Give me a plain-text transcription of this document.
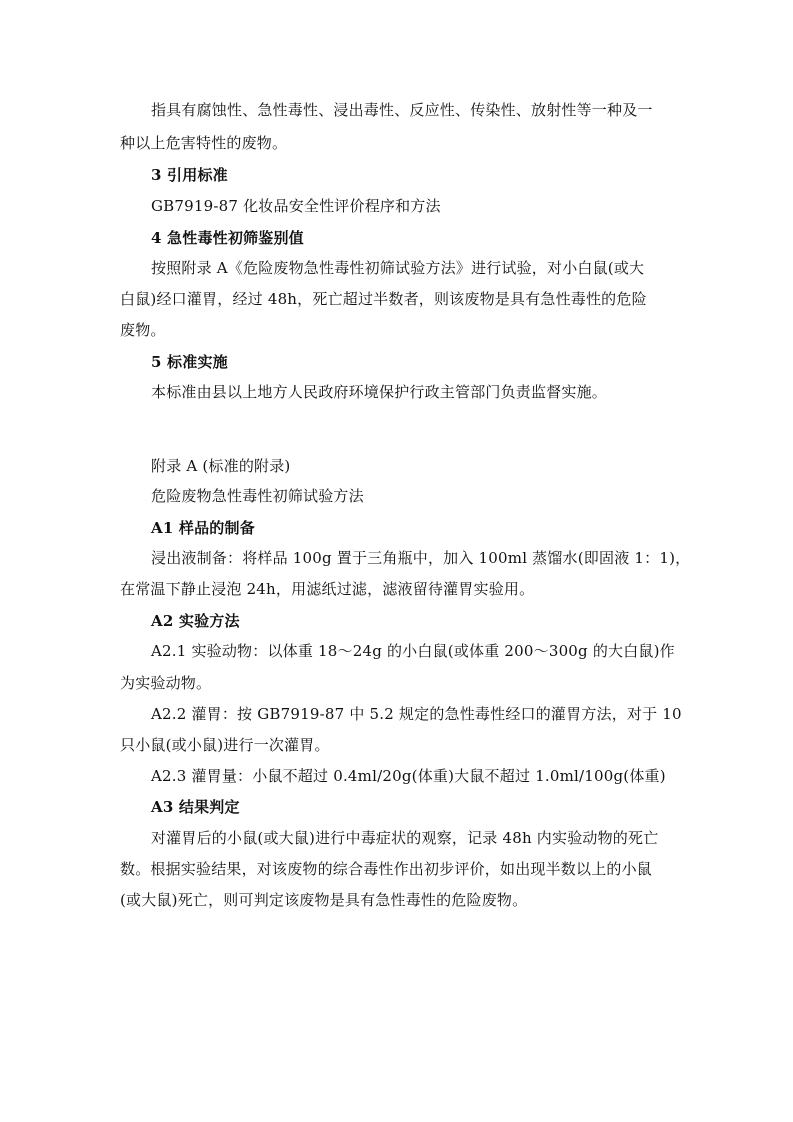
指具有腐蚀性、急性毒性、浸出毒性、反应性、传染性、放射性等一种及一
种以上危害特性的废物。
3 引用标准
GB7919-87 化妆品安全性评价程序和方法
4 急性毒性初筛鉴别值
按照附录 A《危险废物急性毒性初筛试验方法》进行试验，对小白鼠(或大
白鼠)经口灌胃，经过 48h，死亡超过半数者，则该废物是具有急性毒性的危险
废物。
5 标准实施
本标准由县以上地方人民政府环境保护行政主管部门负责监督实施。
附录 A (标准的附录)
危险废物急性毒性初筛试验方法
A1 样品的制备
浸出液制备：将样品 100g 置于三角瓶中，加入 100ml 蒸馏水(即固液 1：1)，
在常温下静止浸泡 24h，用滤纸过滤，滤液留待灌胃实验用。
A2 实验方法
A2.1 实验动物：以体重 18～24g 的小白鼠(或体重 200～300g 的大白鼠)作
为实验动物。
A2.2 灌胃：按 GB7919-87 中 5.2 规定的急性毒性经口的灌胃方法，对于 10
只小鼠(或小鼠)进行一次灌胃。
A2.3 灌胃量：小鼠不超过 0.4ml/20g(体重)大鼠不超过 1.0ml/100g(体重)
A3 结果判定
对灌胃后的小鼠(或大鼠)进行中毒症状的观察，记录 48h 内实验动物的死亡
数。根据实验结果，对该废物的综合毒性作出初步评价，如出现半数以上的小鼠
(或大鼠)死亡，则可判定该废物是具有急性毒性的危险废物。
